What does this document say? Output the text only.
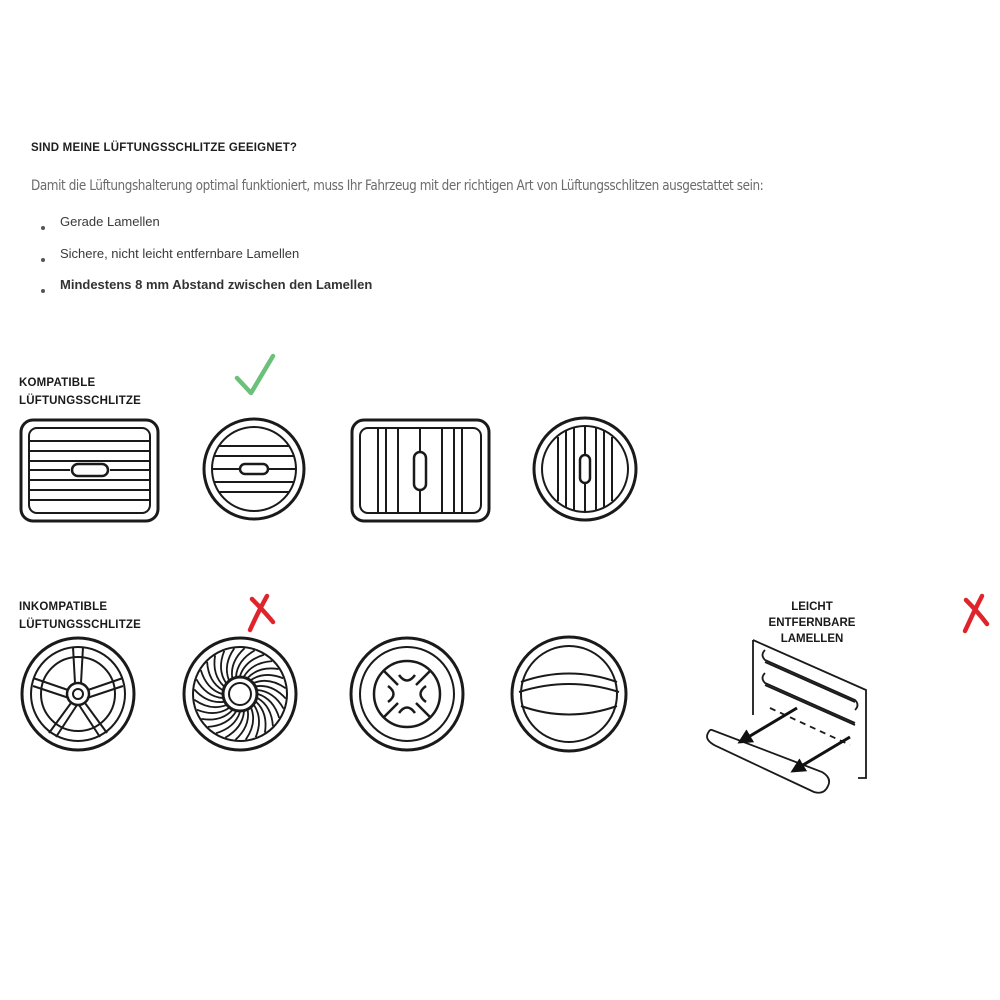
SIND MEINE LÜFTUNGSSCHLITZE GEEIGNET?
Damit die Lüftungshalterung optimal funktioniert, muss Ihr Fahrzeug mit der richtigen Art von Lüftungsschlitzen ausgestattet sein:
Gerade Lamellen
Sichere, nicht leicht entfernbare Lamellen
Mindestens 8 mm Abstand zwischen den Lamellen
KOMPATIBLE
LÜFTUNGSSCHLITZE
INKOMPATIBLE
LÜFTUNGSSCHLITZE
LEICHT
ENTFERNBARE
LAMELLEN
